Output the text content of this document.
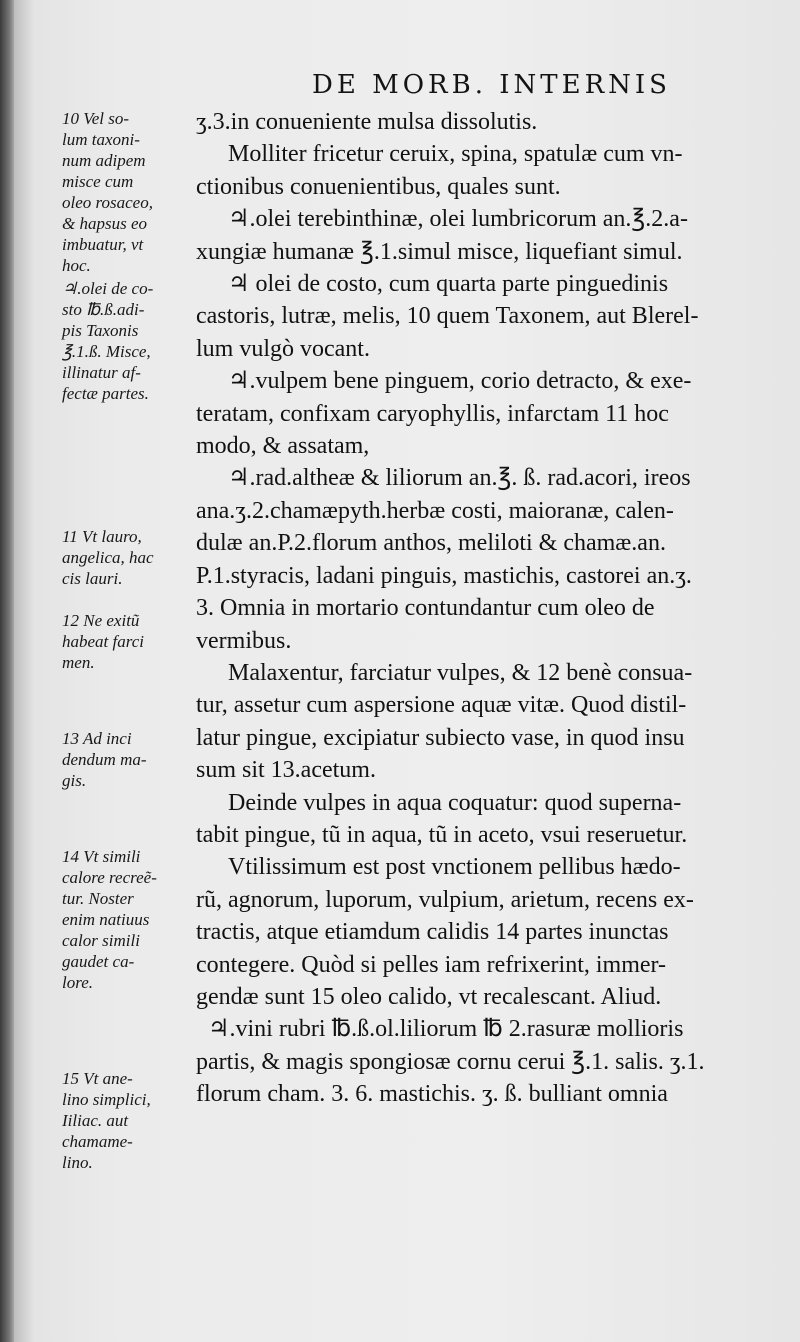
DE MORB. INTERNIS
10 Vel so-
lum taxoni-
num adipem
misce cum
oleo rosaceo,
& hapsus eo
imbuatur, vt
hoc.
♃.olei de co-
sto ℔.ß.adi-
pis Taxonis
℥.1.ß. Misce,
illinatur af-
fectæ partes.
11 Vt lauro,
angelica, hac
cis lauri.
12 Ne exitũ
habeat farci
men.
13 Ad inci
dendum ma-
gis.
14 Vt simili
calore recreẽ-
tur. Noster
enim natiuus
calor simili
gaudet ca-
lore.
15 Vt ane-
lino simplici,
Iiliac. aut
chamame-
lino.
ʒ.3.in conueniente mulsa dissolutis.
Molliter fricetur ceruix, spina, spatulæ cum vn-
ctionibus conuenientibus, quales sunt.
♃.olei terebinthinæ, olei lumbricorum an.℥.2.a-
xungiæ humanæ ℥.1.simul misce, liquefiant simul.
♃ olei de costo, cum quarta parte pinguedinis
castoris, lutræ, melis, 10 quem Taxonem, aut Blerel-
lum vulgò vocant.
♃.vulpem bene pinguem, corio detracto, & exe-
teratam, confixam caryophyllis, infarctam 11 hoc
modo, & assatam,
♃.rad.altheæ & liliorum an.℥. ß. rad.acori, ireos
ana.ʒ.2.chamæpyth.herbæ costi, maioranæ, calen-
dulæ an.P.2.florum anthos, meliloti & chamæ.an.
P.1.styracis, ladani pinguis, mastichis, castorei an.ʒ.
3. Omnia in mortario contundantur cum oleo de
vermibus.
Malaxentur, farciatur vulpes, & 12 benè consua-
tur, assetur cum aspersione aquæ vitæ. Quod distil-
latur pingue, excipiatur subiecto vase, in quod insu
sum sit 13.acetum.
Deinde vulpes in aqua coquatur: quod superna-
tabit pingue, tũ in aqua, tũ in aceto, vsui reseruetur.
Vtilissimum est post vnctionem pellibus hædo-
rũ, agnorum, luporum, vulpium, arietum, recens ex-
tractis, atque etiamdum calidis 14 partes inunctas
contegere. Quòd si pelles iam refrixerint, immer-
gendæ sunt 15 oleo calido, vt recalescant. Aliud.
♃.vini rubri ℔.ß.ol.liliorum ℔ 2.rasuræ mollioris
partis, & magis spongiosæ cornu cerui ℥.1. salis. ʒ.1.
florum cham. 3. 6. mastichis. ʒ. ß. bulliant omnia
